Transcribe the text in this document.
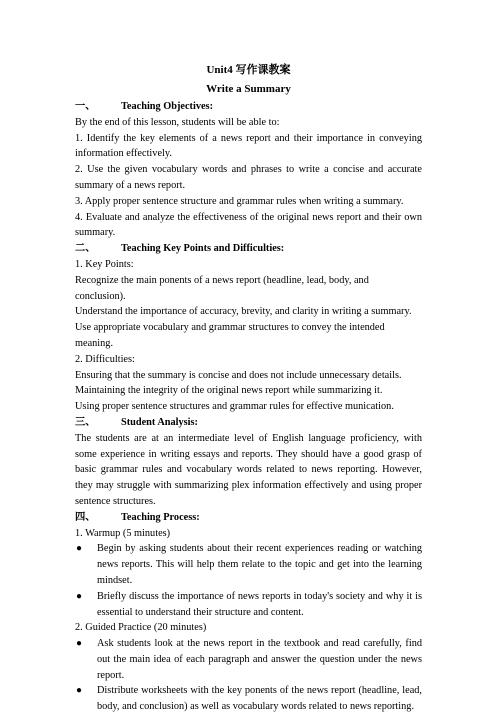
Unit4 写作课教案
Write a Summary
一、 Teaching Objectives:

By the end of this lesson, students will be able to:

1. Identify the key elements of a news report and their importance in conveying information effectively.

2. Use the given vocabulary words and phrases to write a concise and accurate summary of a news report.

3. Apply proper sentence structure and grammar rules when writing a summary.

4. Evaluate and analyze the effectiveness of the original news report and their own summary.

二、 Teaching Key Points and Difficulties:

1. Key Points:

Recognize the main ponents of a news report (headline, lead, body, and conclusion).

Understand the importance of accuracy, brevity, and clarity in writing a summary.

Use appropriate vocabulary and grammar structures to convey the intended meaning.

2. Difficulties:

Ensuring that the summary is concise and does not include unnecessary details.

Maintaining the integrity of the original news report while summarizing it.

Using proper sentence structures and grammar rules for effective munication.

三、 Student Analysis:

The students are at an intermediate level of English language proficiency, with some experience in writing essays and reports. They should have a good grasp of basic grammar rules and vocabulary words related to news reporting. However, they may struggle with summarizing plex information effectively and using proper sentence structures.

四、 Teaching Process:

1. Warmup (5 minutes)

● Begin by asking students about their recent experiences reading or watching news reports. This will help them relate to the topic and get into the learning mindset.
● Briefly discuss the importance of news reports in today's society and why it is essential to understand their structure and content.

2. Guided Practice (20 minutes)

● Ask students look at the news report in the textbook and read carefully, find out the main idea of each paragraph and answer the question under the news report.
● Distribute worksheets with the key ponents of the news report (headline, lead, body, and conclusion) as well as vocabulary words related to news reporting.
